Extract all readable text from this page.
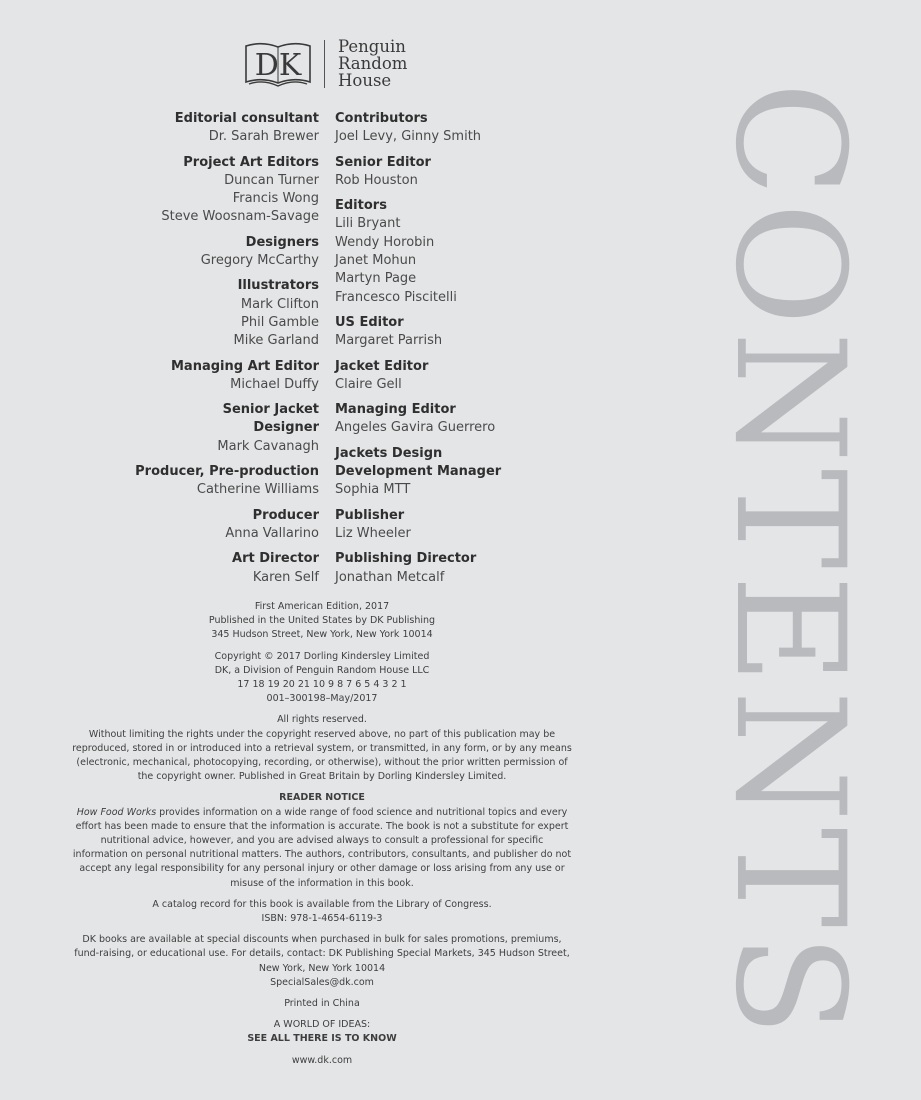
DK
Penguin
Random
House
Editorial consultant
Dr. Sarah Brewer
Project Art Editors
Duncan Turner
Francis Wong
Steve Woosnam-Savage
Designers
Gregory McCarthy
Illustrators
Mark Clifton
Phil Gamble
Mike Garland
Managing Art Editor
Michael Duffy
Senior Jacket
Designer
Mark Cavanagh
Producer, Pre-production
Catherine Williams
Producer
Anna Vallarino
Art Director
Karen Self
Contributors
Joel Levy, Ginny Smith
Senior Editor
Rob Houston
Editors
Lili Bryant
Wendy Horobin
Janet Mohun
Martyn Page
Francesco Piscitelli
US Editor
Margaret Parrish
Jacket Editor
Claire Gell
Managing Editor
Angeles Gavira Guerrero
Jackets Design
Development Manager
Sophia MTT
Publisher
Liz Wheeler
Publishing Director
Jonathan Metcalf
First American Edition, 2017
Published in the United States by DK Publishing
345 Hudson Street, New York, New York 10014
Copyright © 2017 Dorling Kindersley Limited
DK, a Division of Penguin Random House LLC
17 18 19 20 21 10 9 8 7 6 5 4 3 2 1
001–300198–May/2017
All rights reserved.
Without limiting the rights under the copyright reserved above, no part of this publication may be reproduced, stored in or introduced into a retrieval system, or transmitted, in any form, or by any means (electronic, mechanical, photocopying, recording, or otherwise), without the prior written permission of the copyright owner. Published in Great Britain by Dorling Kindersley Limited.
READER NOTICE
How Food Works provides information on a wide range of food science and nutritional topics and every effort has been made to ensure that the information is accurate. The book is not a substitute for expert nutritional advice, however, and you are advised always to consult a professional for specific information on personal nutritional matters. The authors, contributors, consultants, and publisher do not accept any legal responsibility for any personal injury or other damage or loss arising from any use or misuse of the information in this book.
A catalog record for this book is available from the Library of Congress.
ISBN: 978-1-4654-6119-3
DK books are available at special discounts when purchased in bulk for sales promotions, premiums, fund-raising, or educational use. For details, contact: DK Publishing Special Markets, 345 Hudson Street, New York, New York 10014
SpecialSales@dk.com
Printed in China
A WORLD OF IDEAS:
SEE ALL THERE IS TO KNOW
www.dk.com
CONTENTS
